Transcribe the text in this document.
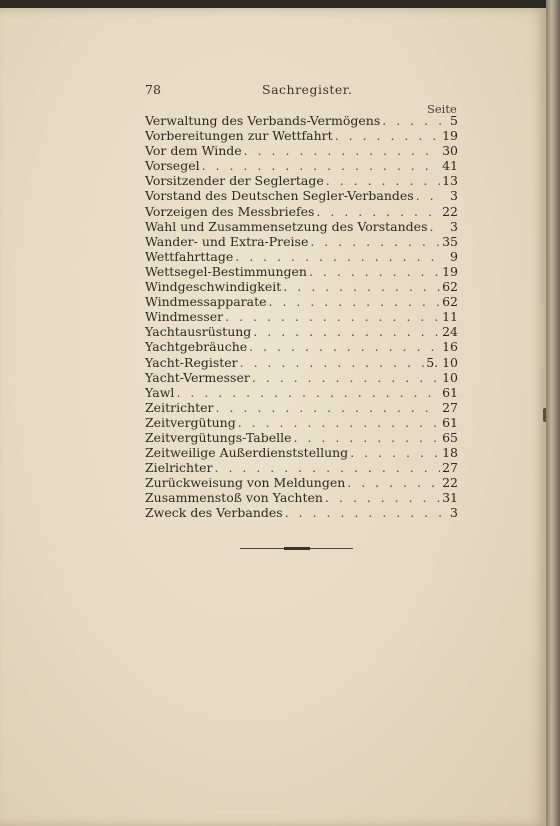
78	Sachregister.
Seite
Verwaltung des Verbands-Vermögens . . .	5
Vorbereitungen zur Wettfahrt . . .	19
Vor dem Winde . . .	30
Vorsegel . . .	41
Vorsitzender der Seglertage . . .	13
Vorstand des Deutschen Segler-Verbandes . . .	3
Vorzeigen des Messbriefes . . .	22
Wahl und Zusammensetzung des Vorstandes . . .	3
Wander- und Extra-Preise . . .	35
Wettfahrttage . . .	9
Wettsegel-Bestimmungen . . .	19
Windgeschwindigkeit . . .	62
Windmessapparate . . .	62
Windmesser . . .	11
Yachtausrüstung . . .	24
Yachtgebräuche . . .	16
Yacht-Register . . .	5. 10
Yacht-Vermesser . . .	10
Yawl . . .	61
Zeitrichter . . .	27
Zeitvergütung . . .	61
Zeitvergütungs-Tabelle . . .	65
Zeitweilige Außerdienststellung . . .	18
Zielrichter . . .	27
Zurückweisung von Meldungen . . .	22
Zusammenstoß von Yachten . . .	31
Zweck des Verbandes . . .	3
